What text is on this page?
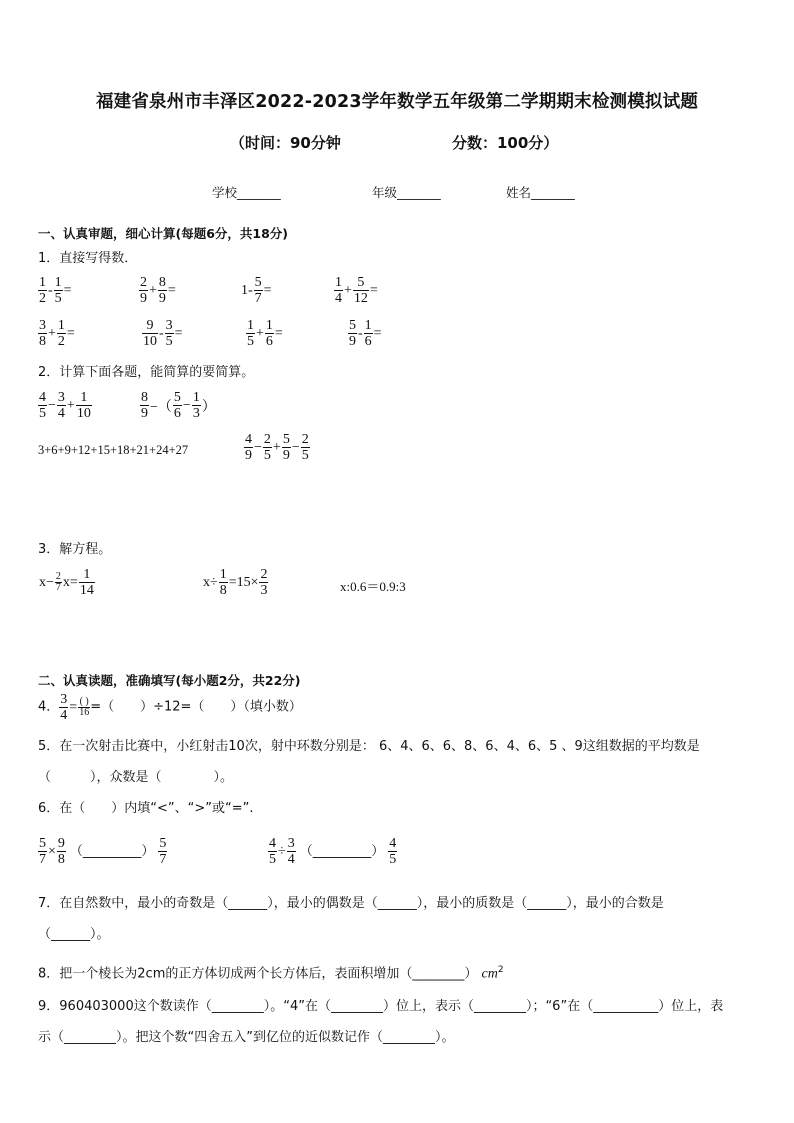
福建省泉州市丰泽区2022-2023学年数学五年级第二学期期末检测模拟试题
（时间：90分钟	分数：100分）
学校_______	年级_______	姓名_______
一、认真审题，细心计算(每题6分，共18分)
1．直接写得数．
$\frac{1}{2} - \frac{1}{5}$ =	$\frac{2}{9} + \frac{8}{9}$ =	$1- \frac{5}{7}$ =	$\frac{1}{4} + \frac{5}{12}$ =
$\frac{3}{8} + \frac{1}{2}$ =	$\frac{9}{10} - \frac{3}{5}$ =	$\frac{1}{5} + \frac{1}{6}$ =	$\frac{5}{9} - \frac{1}{6}$ =
2．计算下面各题，能简算的要简算。
$\frac{4}{5} - \frac{3}{4} + \frac{1}{10}$	$\frac{8}{9}$ −（ $\frac{5}{6} - \frac{1}{3}$ ）
3+6+9+12+15+18+21+24+27	$\frac{4}{9} - \frac{2}{5} + \frac{5}{9} - \frac{2}{5}$
3．解方程。
$x- \frac{2}{7} x= \frac{1}{14}$	$x\div \frac{1}{8} =15\times \frac{2}{3}$	x:0.6＝0.9:3
二、认真读题，准确填写(每小题2分，共22分)
4． $\frac{3}{4} = \frac{( )}{16}$ =（　　）÷12=（　　）（填小数）
5．在一次射击比赛中，小红射击10次，射中环数分别是： 6、4、6、6、8、6、4、6、5 、9这组数据的平均数是
（　　　），众数是（　　　　）。
6．在（　　）内填“<”、“>”或“=”.
$\frac{5}{7} \times \frac{9}{8}$ （_________） $\frac{5}{7}$	$\frac{4}{5} \div \frac{3}{4}$ （_________） $\frac{4}{5}$
7．在自然数中，最小的奇数是（______），最小的偶数是（______），最小的质数是（______），最小的合数是
（______）。
8．把一个棱长为2cm的正方体切成两个长方体后，表面积增加（________） $cm^2$
9．960403000这个数读作（________）。“4”在（________）位上，表示（________）；“6”在（__________）位上，表
示（________）。把这个数“四舍五入”到亿位的近似数记作（________）。
